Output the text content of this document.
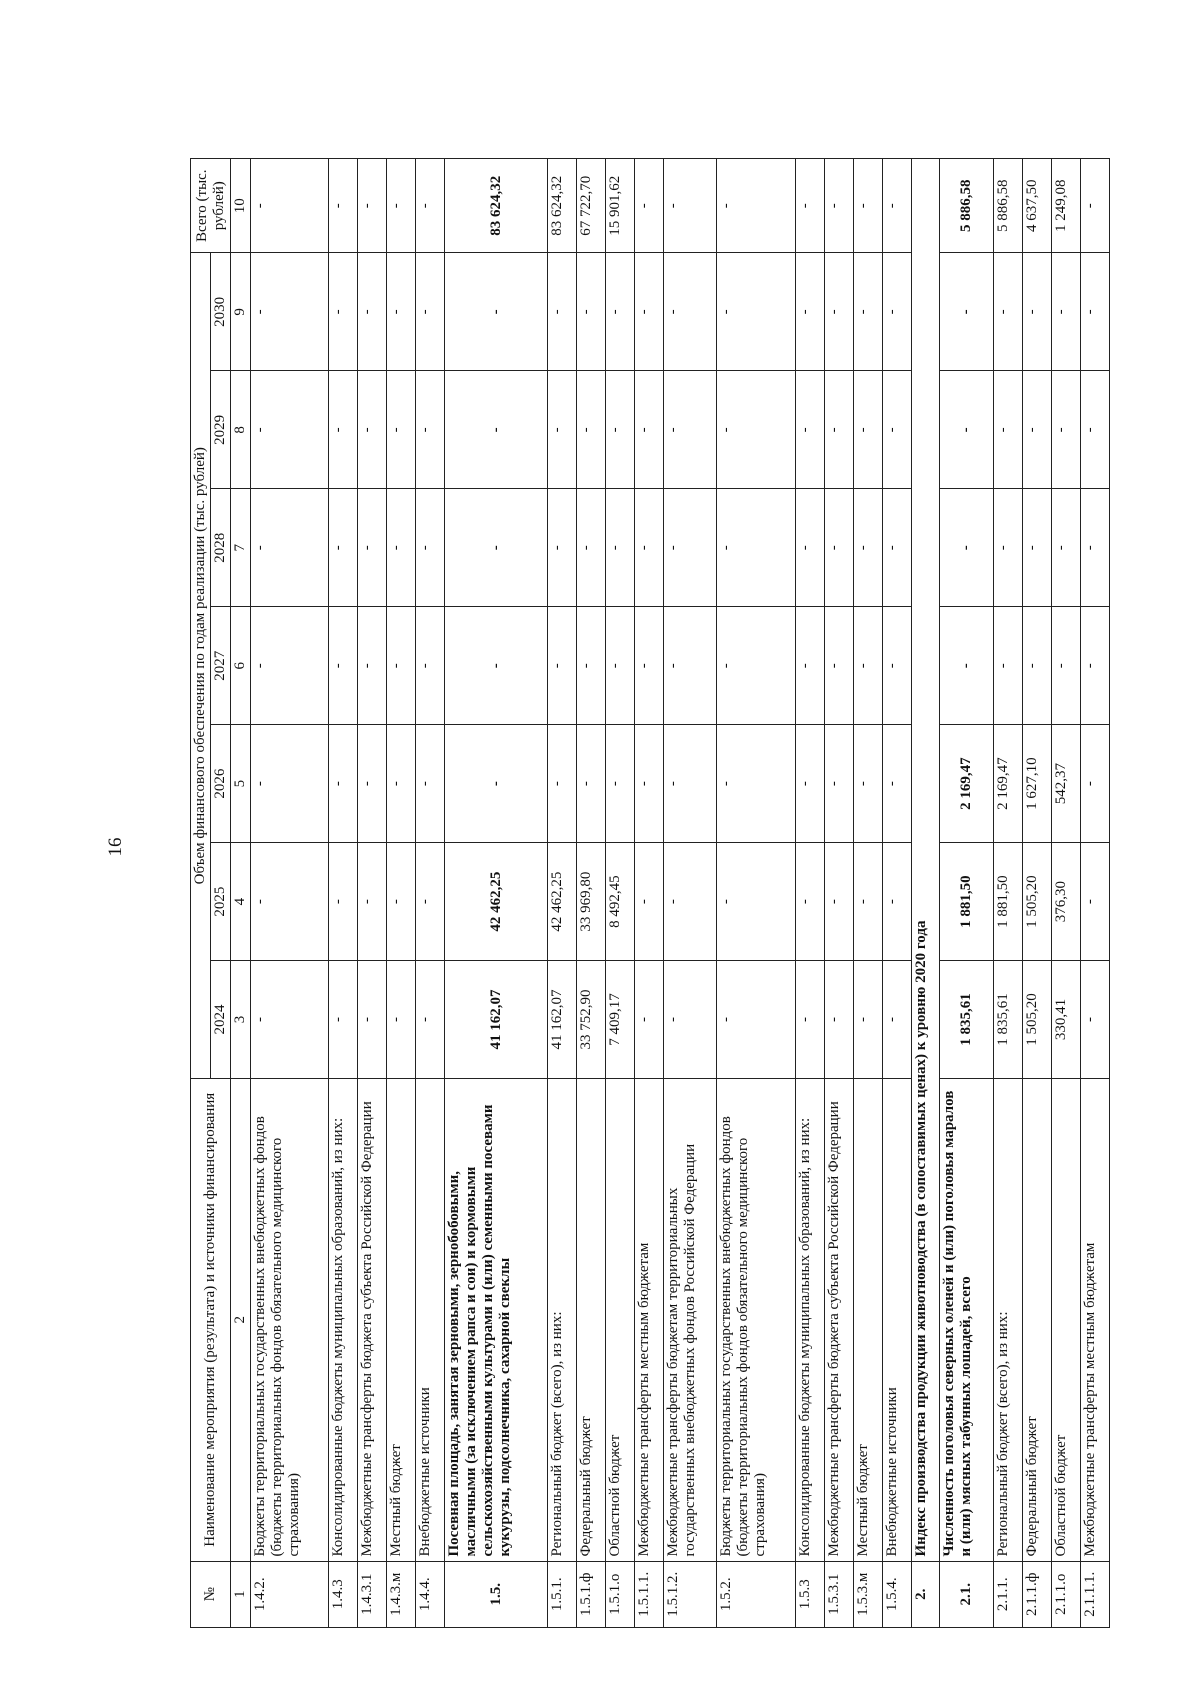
16
№	Наименование мероприятия (результата) и источники финансирования	Объем финансового обеспечения по годам реализации (тыс. рублей)							Всего (тыс. рублей)
		2024	2025	2026	2027	2028	2029	2030	
1	2	3	4	5	6	7	8	9	10
1.4.2.	Бюджеты территориальных государственных внебюджетных фондов (бюджеты территориальных фондов обязательного медицинского страхования)	-	-	-	-	-	-	-	-
1.4.3	Консолидированные бюджеты муниципальных образований, из них:	-	-	-	-	-	-	-	-
1.4.3.1	Межбюджетные трансферты бюджета субъекта Российской Федерации	-	-	-	-	-	-	-	-
1.4.3.м	Местный бюджет	-	-	-	-	-	-	-	-
1.4.4.	Внебюджетные источники	-	-	-	-	-	-	-	-
1.5.	Посевная площадь, занятая зерновыми, зернобобовыми, масличными (за исключением рапса и сои) и кормовыми сельскохозяйственными культурами и (или) семенными посевами кукурузы, подсолнечника, сахарной свеклы	41 162,07	42 462,25	-	-	-	-	-	83 624,32
1.5.1.	Региональный бюджет (всего), из них:	41 162,07	42 462,25	-	-	-	-	-	83 624,32
1.5.1.ф	Федеральный бюджет	33 752,90	33 969,80	-	-	-	-	-	67 722,70
1.5.1.о	Областной бюджет	7 409,17	8 492,45	-	-	-	-	-	15 901,62
1.5.1.1.	Межбюджетные трансферты местным бюджетам	-	-	-	-	-	-	-	-
1.5.1.2.	Межбюджетные трансферты бюджетам территориальных государственных внебюджетных фондов Российской Федерации	-	-	-	-	-	-	-	-
1.5.2.	Бюджеты территориальных государственных внебюджетных фондов (бюджеты территориальных фондов обязательного медицинского страхования)	-	-	-	-	-	-	-	-
1.5.3	Консолидированные бюджеты муниципальных образований, из них:	-	-	-	-	-	-	-	-
1.5.3.1	Межбюджетные трансферты бюджета субъекта Российской Федерации	-	-	-	-	-	-	-	-
1.5.3.м	Местный бюджет	-	-	-	-	-	-	-	-
1.5.4.	Внебюджетные источники	-	-	-	-	-	-	-	-
2.	Индекс производства продукции животноводства (в сопоставимых ценах) к уровню 2020 года								
2.1.	Численность поголовья северных оленей и (или) поголовья маралов и (или) мясных табунных лошадей, всего	1 835,61	1 881,50	2 169,47	-	-	-	-	5 886,58
2.1.1.	Региональный бюджет (всего), из них:	1 835,61	1 881,50	2 169,47	-	-	-	-	5 886,58
2.1.1.ф	Федеральный бюджет	1 505,20	1 505,20	1 627,10	-	-	-	-	4 637,50
2.1.1.о	Областной бюджет	330,41	376,30	542,37	-	-	-	-	1 249,08
2.1.1.1.	Межбюджетные трансферты местным бюджетам	-	-	-	-	-	-	-	-
